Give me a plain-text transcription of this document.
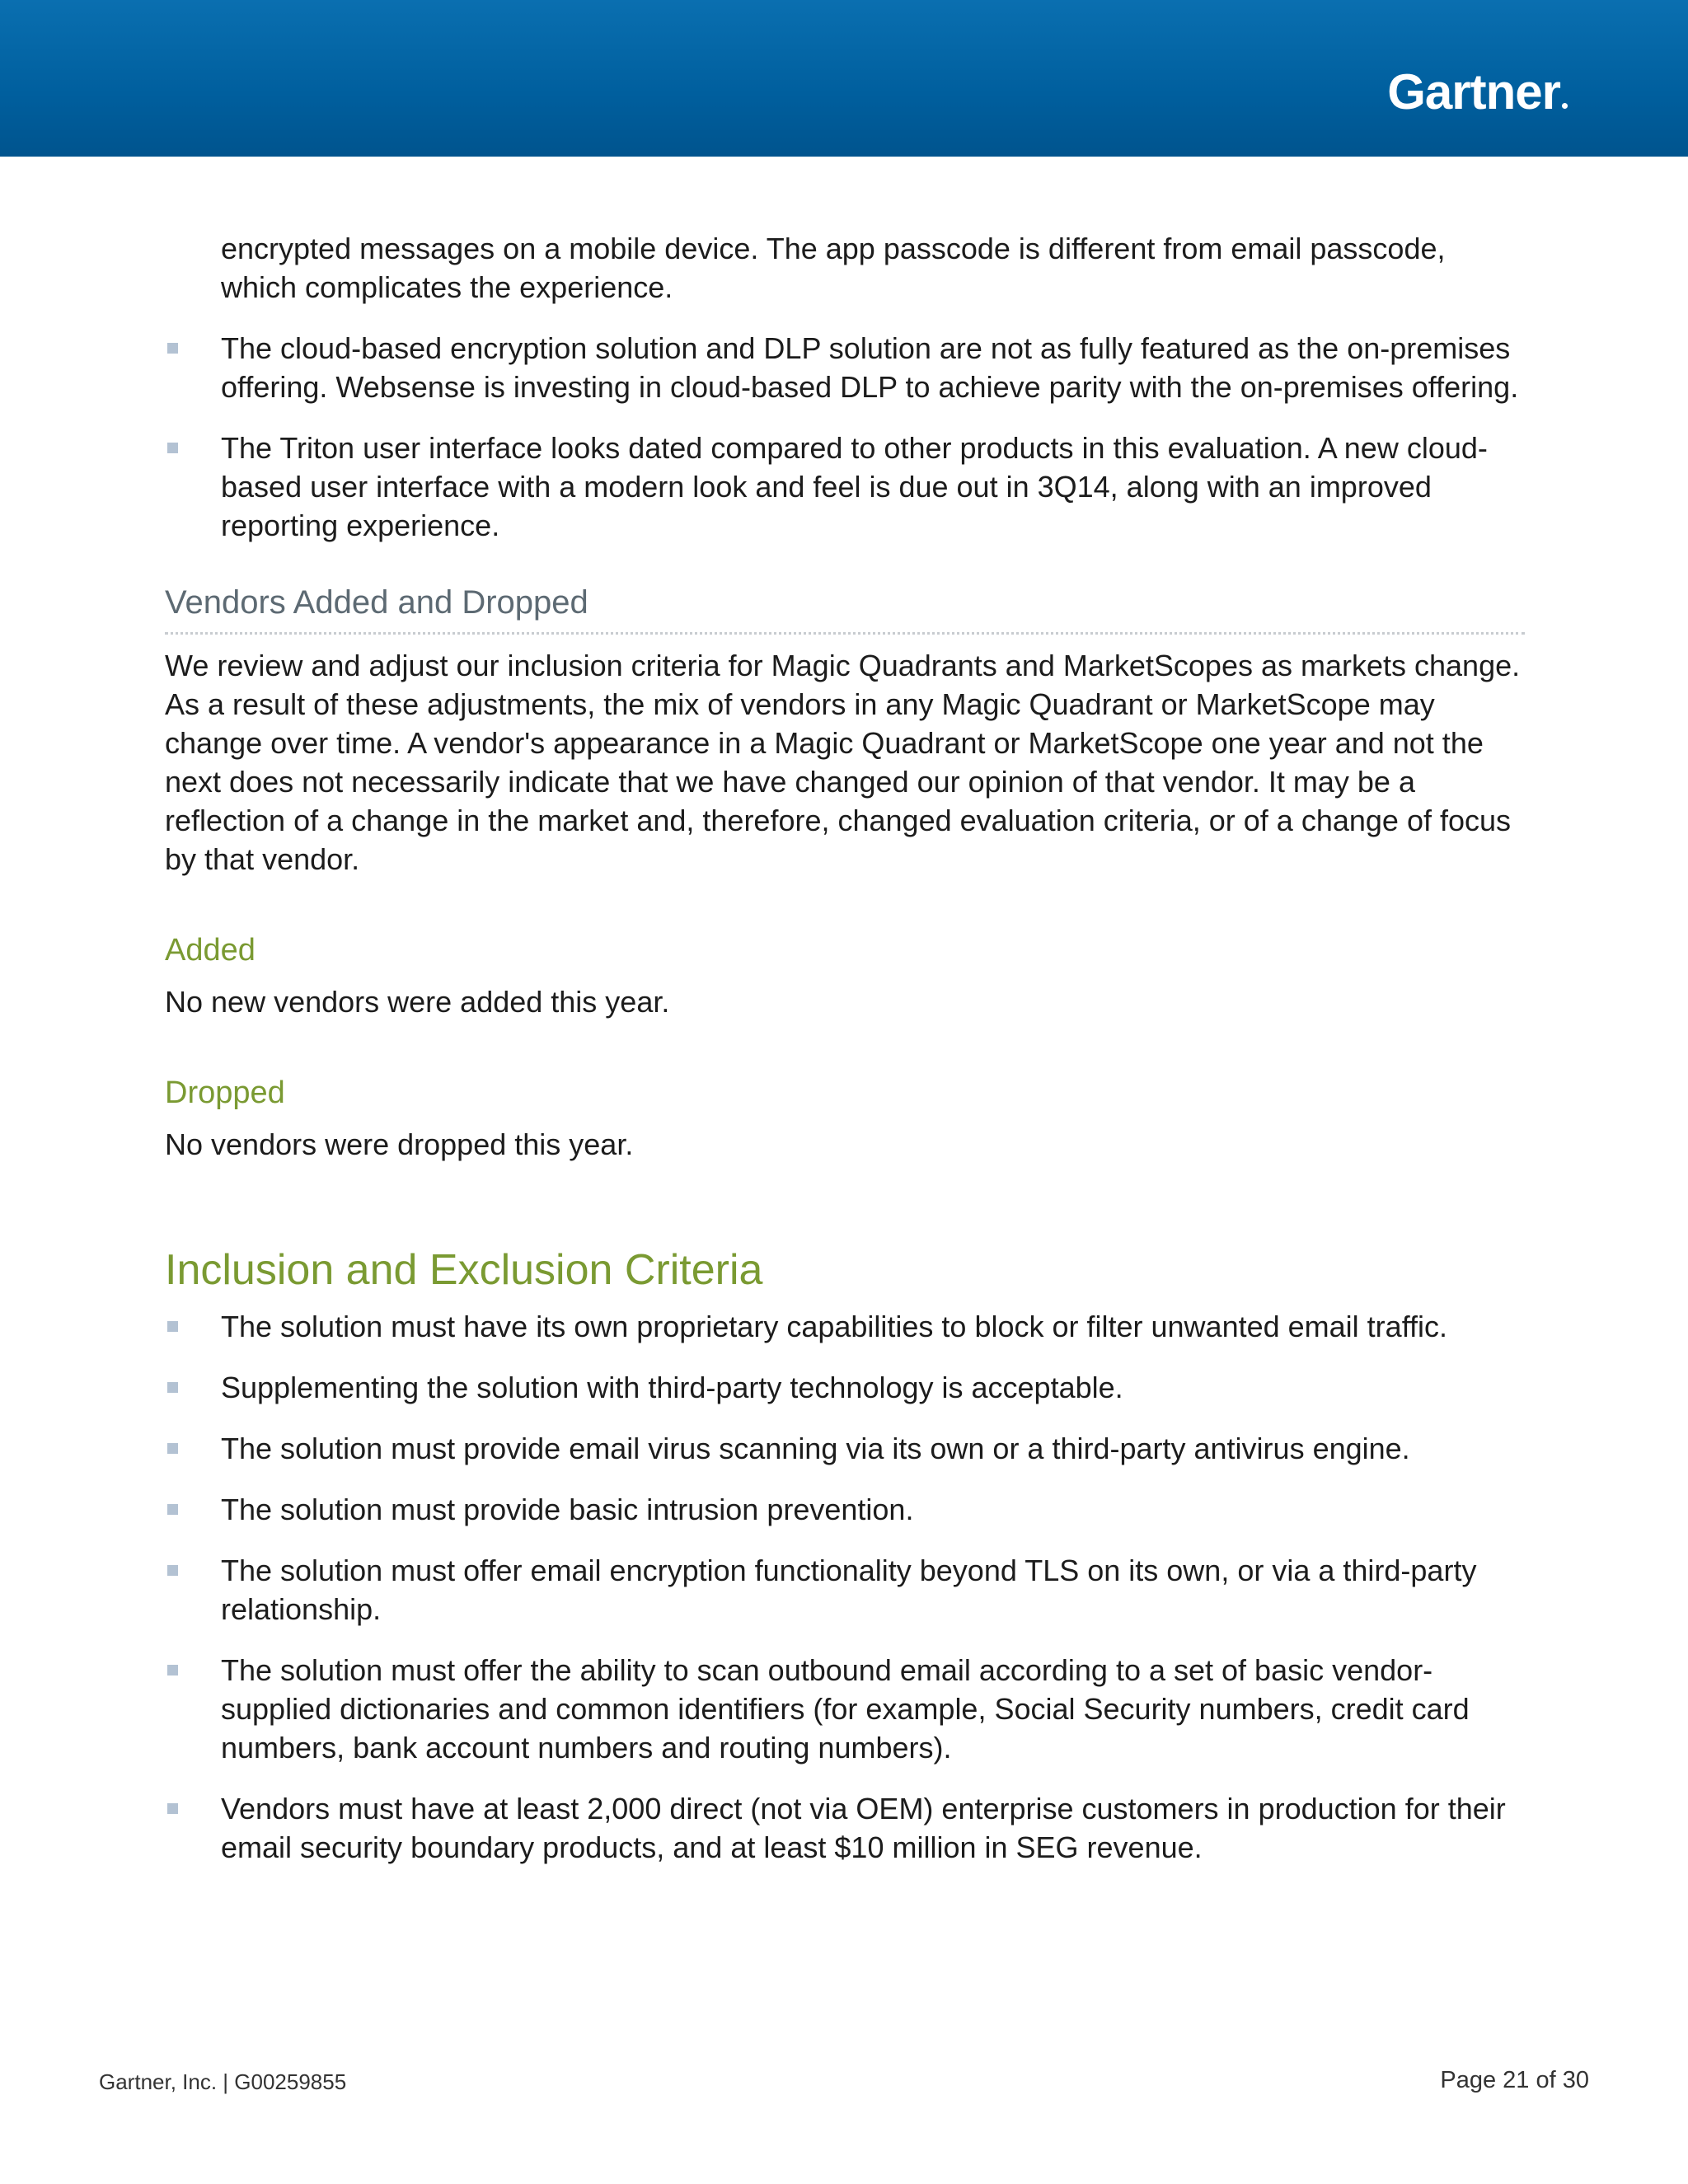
Gartner
encrypted messages on a mobile device. The app passcode is different from email passcode, which complicates the experience.
The cloud-based encryption solution and DLP solution are not as fully featured as the on-premises offering. Websense is investing in cloud-based DLP to achieve parity with the on-premises offering.
The Triton user interface looks dated compared to other products in this evaluation. A new cloud-based user interface with a modern look and feel is due out in 3Q14, along with an improved reporting experience.
Vendors Added and Dropped
We review and adjust our inclusion criteria for Magic Quadrants and MarketScopes as markets change. As a result of these adjustments, the mix of vendors in any Magic Quadrant or MarketScope may change over time. A vendor's appearance in a Magic Quadrant or MarketScope one year and not the next does not necessarily indicate that we have changed our opinion of that vendor. It may be a reflection of a change in the market and, therefore, changed evaluation criteria, or of a change of focus by that vendor.
Added
No new vendors were added this year.
Dropped
No vendors were dropped this year.
Inclusion and Exclusion Criteria
The solution must have its own proprietary capabilities to block or filter unwanted email traffic.
Supplementing the solution with third-party technology is acceptable.
The solution must provide email virus scanning via its own or a third-party antivirus engine.
The solution must provide basic intrusion prevention.
The solution must offer email encryption functionality beyond TLS on its own, or via a third-party relationship.
The solution must offer the ability to scan outbound email according to a set of basic vendor-supplied dictionaries and common identifiers (for example, Social Security numbers, credit card numbers, bank account numbers and routing numbers).
Vendors must have at least 2,000 direct (not via OEM) enterprise customers in production for their email security boundary products, and at least $10 million in SEG revenue.
Gartner, Inc. | G00259855	Page 21 of 30
